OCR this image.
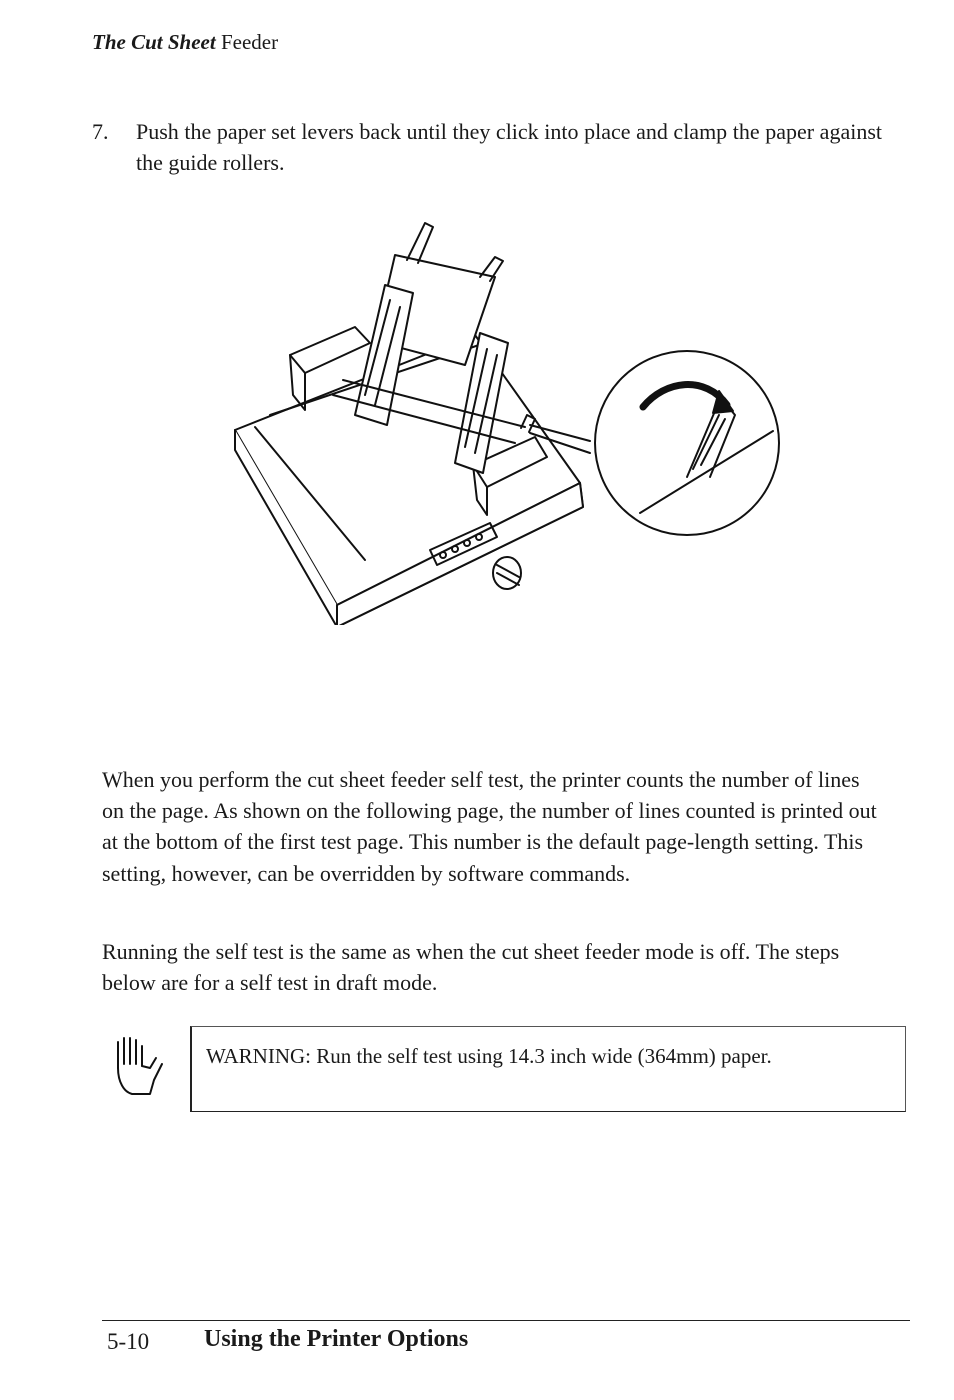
The Cut Sheet Feeder
7. Push the paper set levers back until they click into place and clamp the paper against the guide rollers.
When you perform the cut sheet feeder self test, the printer counts the number of lines on the page. As shown on the following page, the number of lines counted is printed out at the bottom of the first test page. This number is the default page-length setting. This setting, however, can be overridden by software commands.
Running the self test is the same as when the cut sheet feeder mode is off. The steps below are for a self test in draft mode.
WARNING: Run the self test using 14.3 inch wide (364mm) paper.
5-10 Using the Printer Options
